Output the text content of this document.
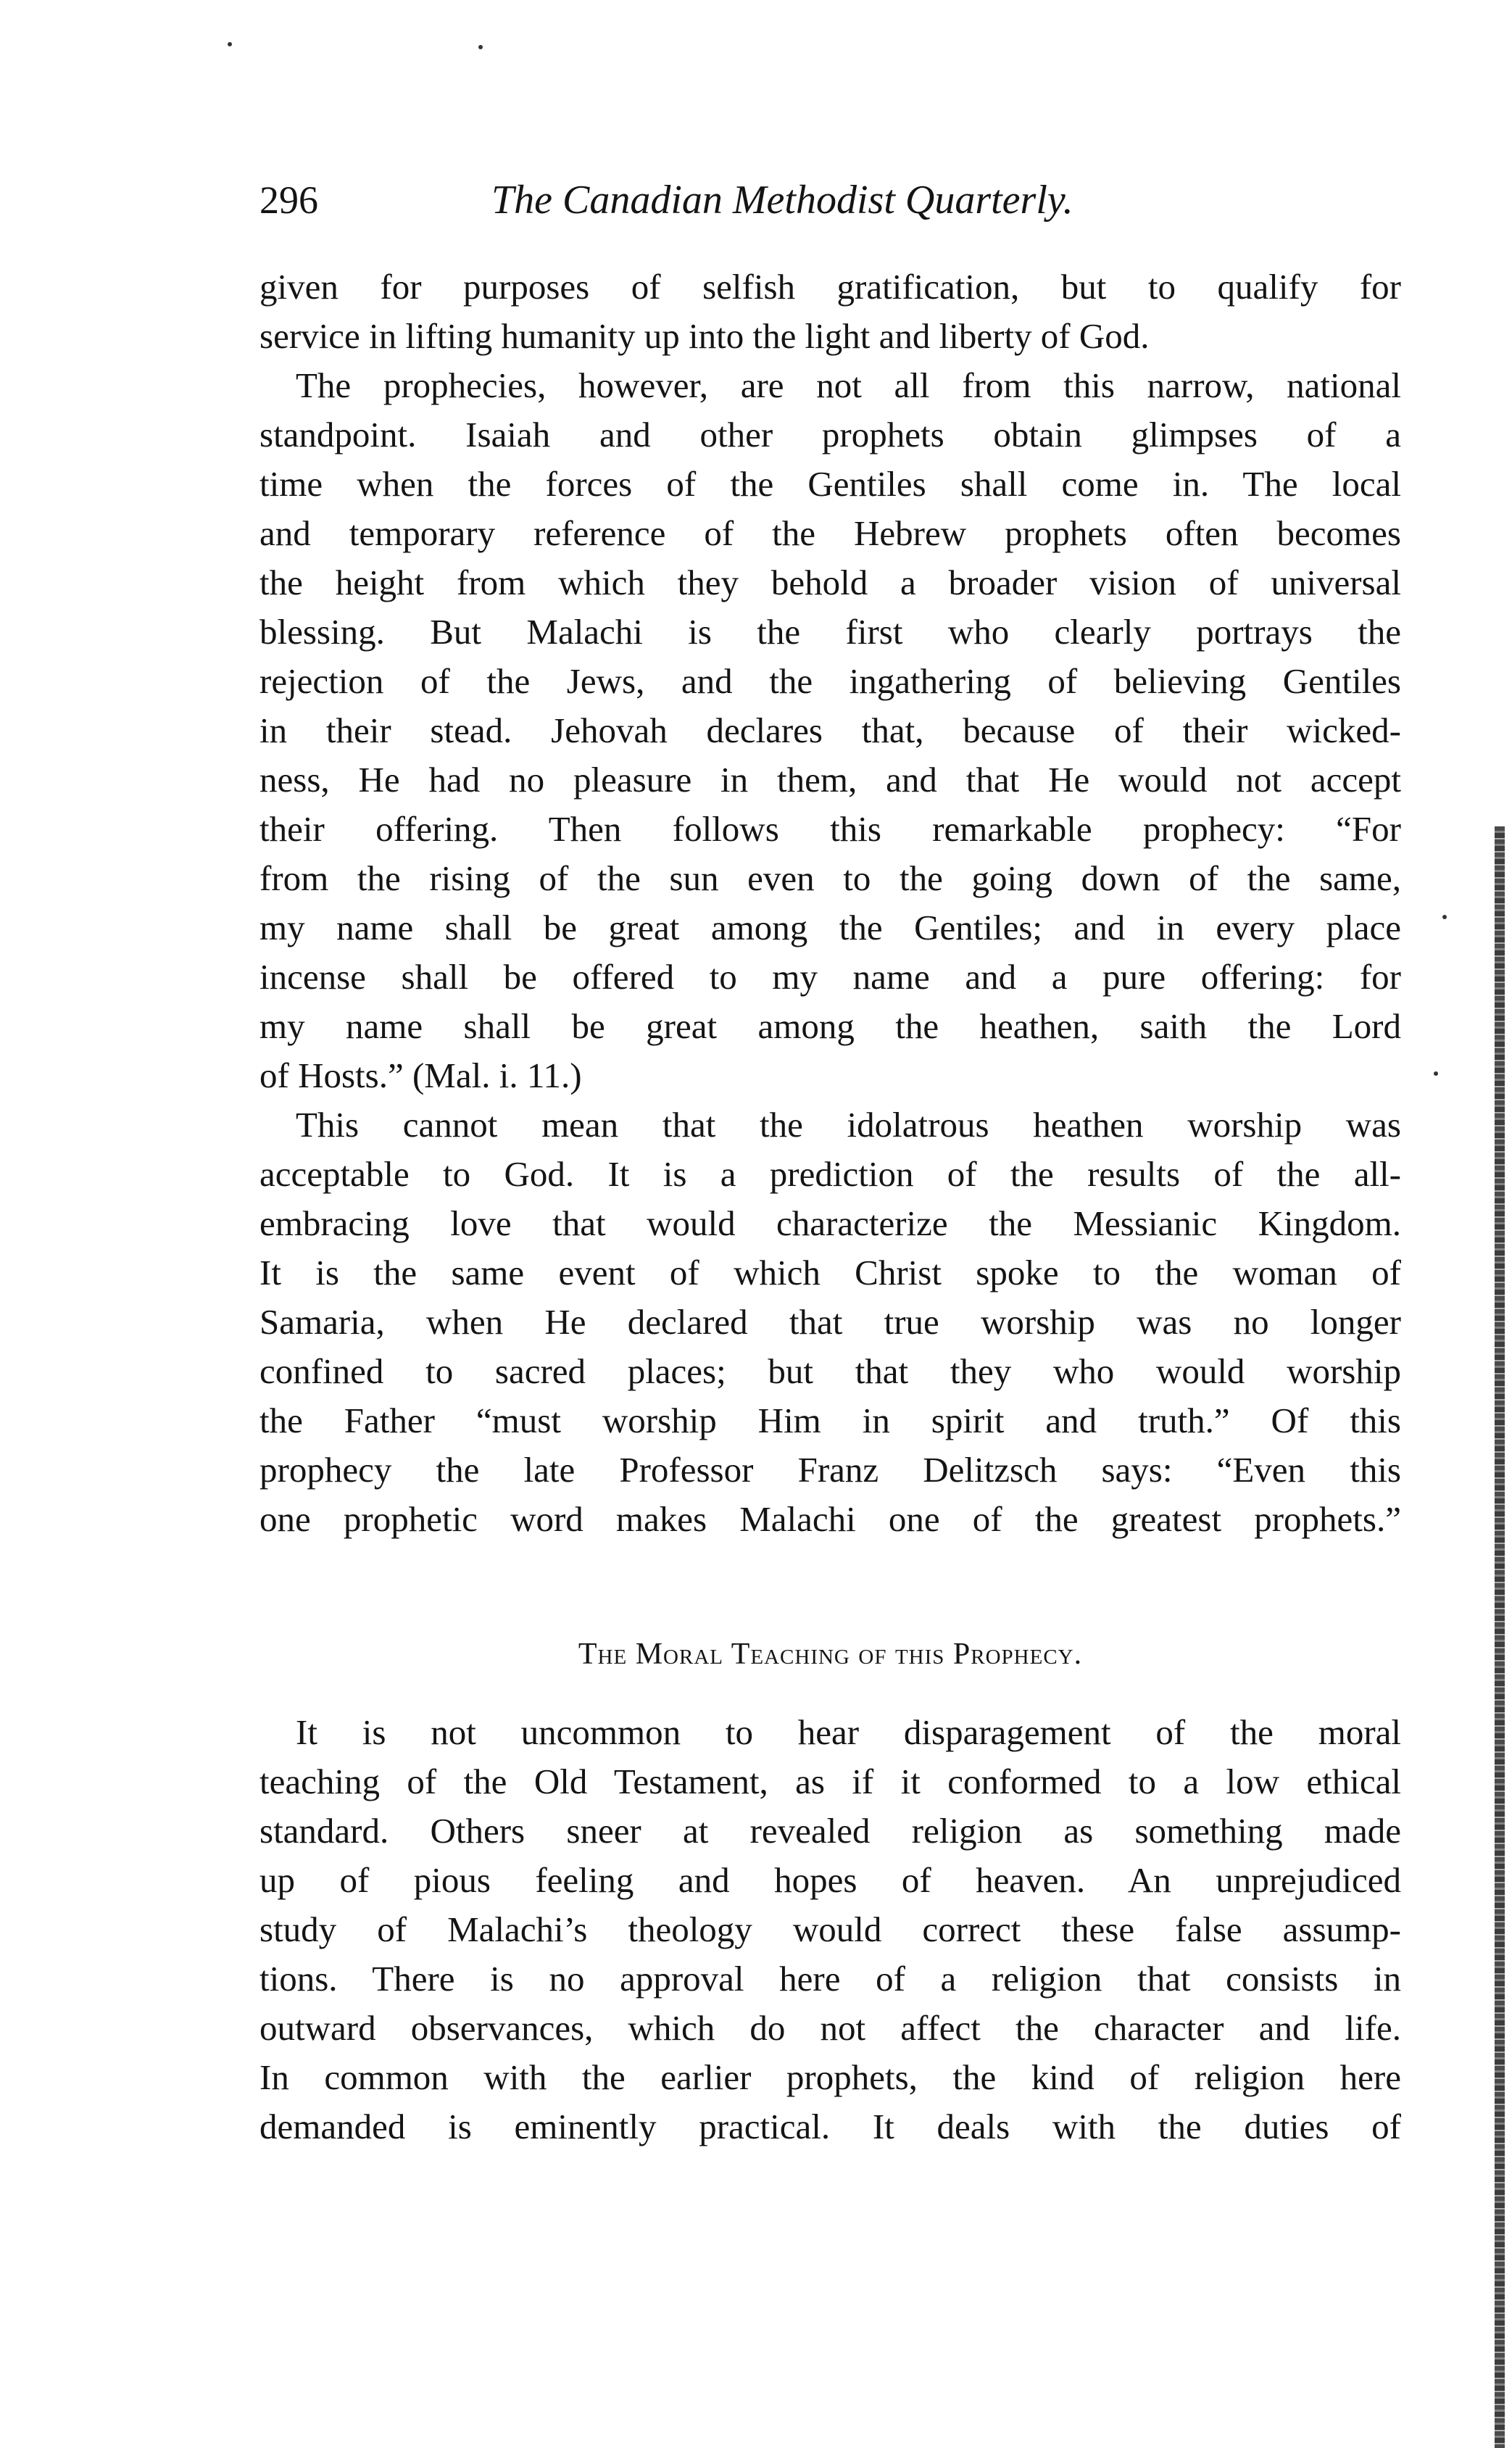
296	The Canadian Methodist Quarterly.
given for purposes of selfish gratification, but to qualify for
service in lifting humanity up into the light and liberty of God.
The prophecies, however, are not all from this narrow, national
standpoint. Isaiah and other prophets obtain glimpses of a
time when the forces of the Gentiles shall come in. The local
and temporary reference of the Hebrew prophets often becomes
the height from which they behold a broader vision of universal
blessing. But Malachi is the first who clearly portrays the
rejection of the Jews, and the ingathering of believing Gentiles
in their stead. Jehovah declares that, because of their wicked-
ness, He had no pleasure in them, and that He would not accept
their offering. Then follows this remarkable prophecy: “For
from the rising of the sun even to the going down of the same,
my name shall be great among the Gentiles; and in every place
incense shall be offered to my name and a pure offering: for
my name shall be great among the heathen, saith the Lord
of Hosts.” (Mal. i. 11.)
This cannot mean that the idolatrous heathen worship was
acceptable to God. It is a prediction of the results of the all-
embracing love that would characterize the Messianic Kingdom.
It is the same event of which Christ spoke to the woman of
Samaria, when He declared that true worship was no longer
confined to sacred places; but that they who would worship
the Father “must worship Him in spirit and truth.” Of this
prophecy the late Professor Franz Delitzsch says: “Even this
one prophetic word makes Malachi one of the greatest prophets.”
The Moral Teaching of this Prophecy.
It is not uncommon to hear disparagement of the moral
teaching of the Old Testament, as if it conformed to a low ethical
standard. Others sneer at revealed religion as something made
up of pious feeling and hopes of heaven. An unprejudiced
study of Malachi’s theology would correct these false assump-
tions. There is no approval here of a religion that consists in
outward observances, which do not affect the character and life.
In common with the earlier prophets, the kind of religion here
demanded is eminently practical. It deals with the duties of
